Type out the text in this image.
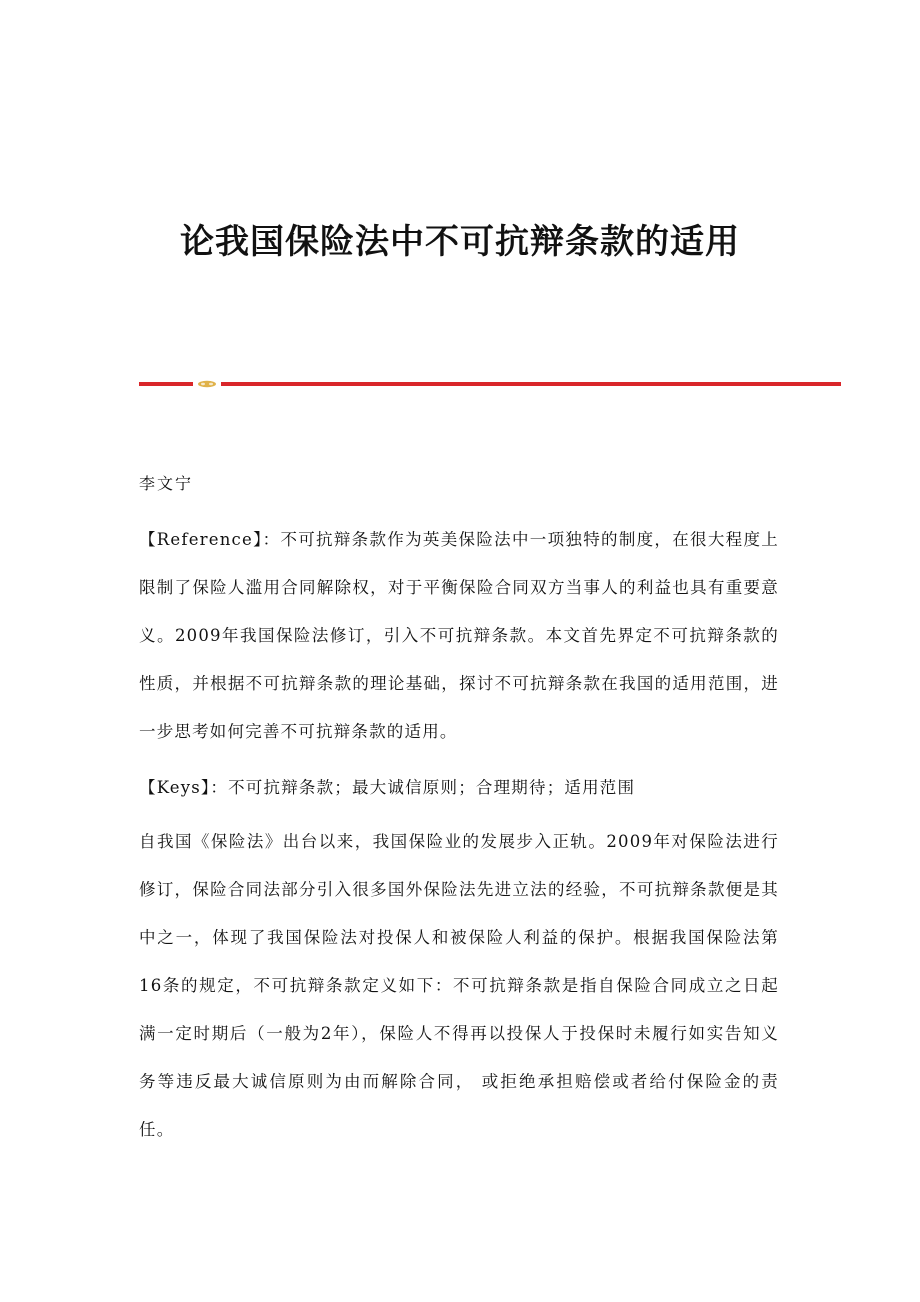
论我国保险法中不可抗辩条款的适用
李文宁

【Reference】：不可抗辩条款作为英美保险法中一项独特的制度，在很大程度上限制了保险人滥用合同解除权，对于平衡保险合同双方当事人的利益也具有重要意义。2009年我国保险法修订，引入不可抗辩条款。本文首先界定不可抗辩条款的性质，并根据不可抗辩条款的理论基础，探讨不可抗辩条款在我国的适用范围，进一步思考如何完善不可抗辩条款的适用。

【Keys】：不可抗辩条款；最大诚信原则；合理期待；适用范围

自我国《保险法》出台以来，我国保险业的发展步入正轨。2009年对保险法进行修订，保险合同法部分引入很多国外保险法先进立法的经验，不可抗辩条款便是其中之一，体现了我国保险法对投保人和被保险人利益的保护。根据我国保险法第16条的规定，不可抗辩条款定义如下：不可抗辩条款是指自保险合同成立之日起满一定时期后（一般为2年），保险人不得再以投保人于投保时未履行如实告知义务等违反最大诚信原则为由而解除合同， 或拒绝承担赔偿或者给付保险金的责任。
